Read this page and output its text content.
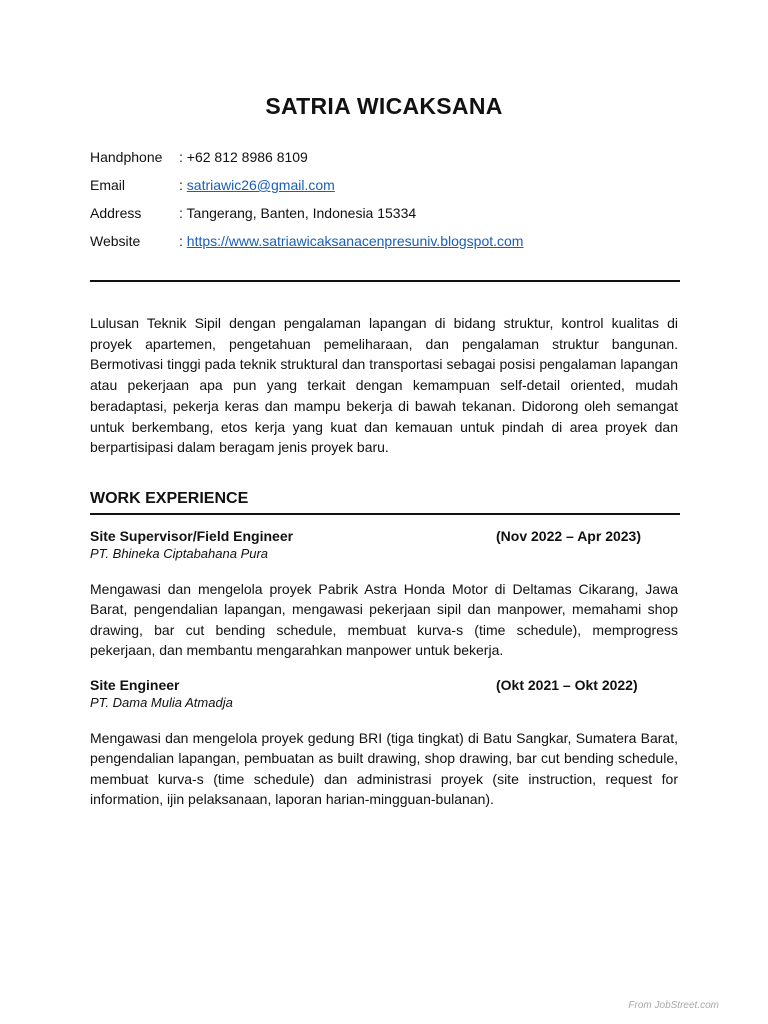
SATRIA WICAKSANA
Handphone : +62 812 8986 8109
Email	: satriawic26@gmail.com
Address	: Tangerang, Banten, Indonesia 15334
Website	: https://www.satriawicaksanacenpresuniv.blogspot.com
Lulusan Teknik Sipil dengan pengalaman lapangan di bidang struktur, kontrol kualitas di proyek apartemen, pengetahuan pemeliharaan, dan pengalaman struktur bangunan. Bermotivasi tinggi pada teknik struktural dan transportasi sebagai posisi pengalaman lapangan atau pekerjaan apa pun yang terkait dengan kemampuan self-detail oriented, mudah beradaptasi, pekerja keras dan mampu bekerja di bawah tekanan. Didorong oleh semangat untuk berkembang, etos kerja yang kuat dan kemauan untuk pindah di area proyek dan berpartisipasi dalam beragam jenis proyek baru.
WORK EXPERIENCE
Site Supervisor/Field Engineer	(Nov 2022 – Apr 2023)
PT. Bhineka Ciptabahana Pura
Mengawasi dan mengelola proyek Pabrik Astra Honda Motor di Deltamas Cikarang, Jawa Barat, pengendalian lapangan, mengawasi pekerjaan sipil dan manpower, memahami shop drawing, bar cut bending schedule, membuat kurva-s (time schedule), memprogress pekerjaan, dan membantu mengarahkan manpower untuk bekerja.
Site Engineer	(Okt 2021 – Okt 2022)
PT. Dama Mulia Atmadja
Mengawasi dan mengelola proyek gedung BRI (tiga tingkat) di Batu Sangkar, Sumatera Barat, pengendalian lapangan, pembuatan as built drawing, shop drawing, bar cut bending schedule, membuat kurva-s (time schedule) dan administrasi proyek (site instruction, request for information, ijin pelaksanaan, laporan harian-mingguan-bulanan).
From JobStreet.com
